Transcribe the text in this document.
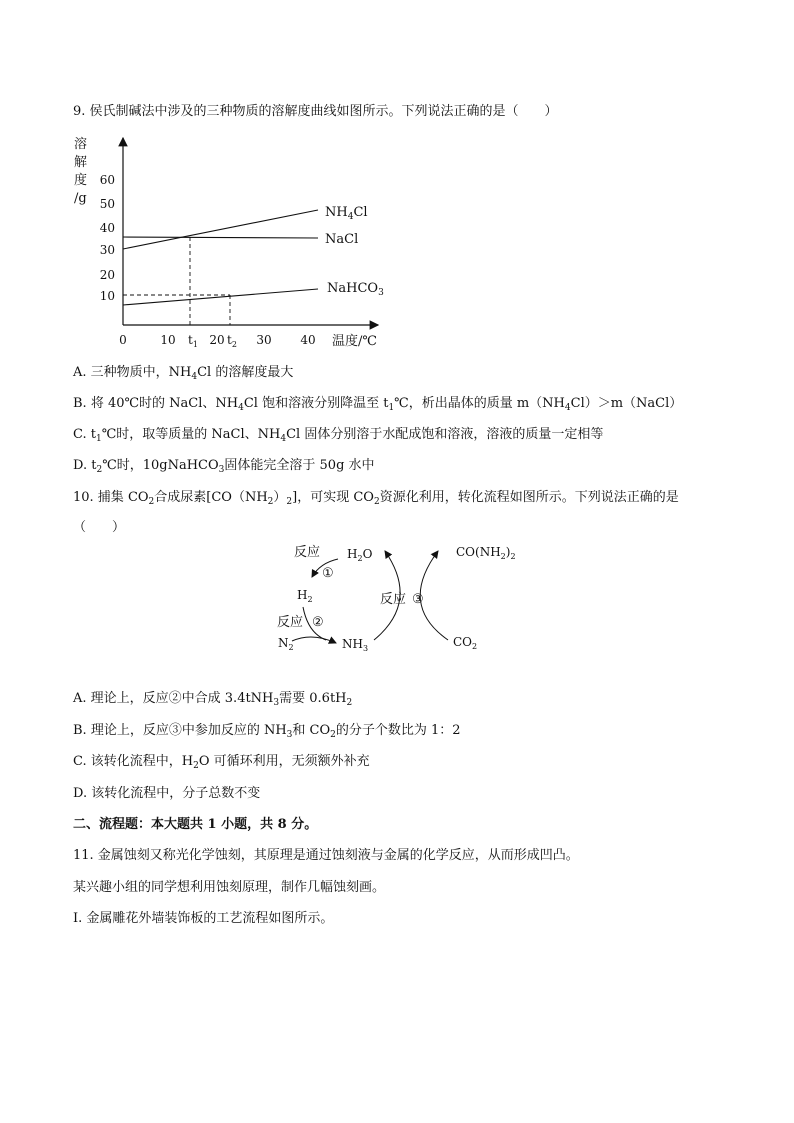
9. 侯氏制碱法中涉及的三种物质的溶解度曲线如图所示。下列说法正确的是（　　）
溶
解
度
/g
60
50
40
30
20
10
0	10 $t_1$ 20 $t_2$ 30 40 温度/℃
$NH_4Cl$
NaCl
NaHCO$_3$
A. 三种物质中，$NH_4Cl$ 的溶解度最大
B. 将 40℃时的 NaCl、$NH_4Cl$ 饱和溶液分别降温至 $t_1℃$，析出晶体的质量 $m(NH_4Cl)>m(NaCl)$
C. $t_1℃$时，取等质量的 NaCl、$NH_4Cl$ 固体分别溶于水配成饱和溶液，溶液的质量一定相等
D. $t_2℃$时，10gNaHCO$_3$固体能完全溶于 50g 水中
10. 捕集 $CO_2$合成尿素$[CO(NH_2)_2]$，可实现 $CO_2$资源化利用，转化流程如图所示。下列说法正确的是
（　　）
反应 $H_2O$
①
$CO(NH_2)_2$
$H_2$	反应 ③
反应 ②
$N_2$	$NH_3$	$CO_2$
A. 理论上，反应②中合成 3.4tNH$_3$需要 $0.6tH_2$
B. 理论上，反应③中参加反应的 $NH_3$和 $CO_2$的分子个数比为 1：2
C. 该转化流程中，$H_2O$ 可循环利用，无须额外补充
D. 该转化流程中，分子总数不变
二、流程题：本大题共 1 小题，共 8 分。
11. 金属蚀刻又称光化学蚀刻，其原理是通过蚀刻液与金属的化学反应，从而形成凹凸。
某兴趣小组的同学想利用蚀刻原理，制作几幅蚀刻画。
Ⅰ. 金属雕花外墙装饰板的工艺流程如图所示。
